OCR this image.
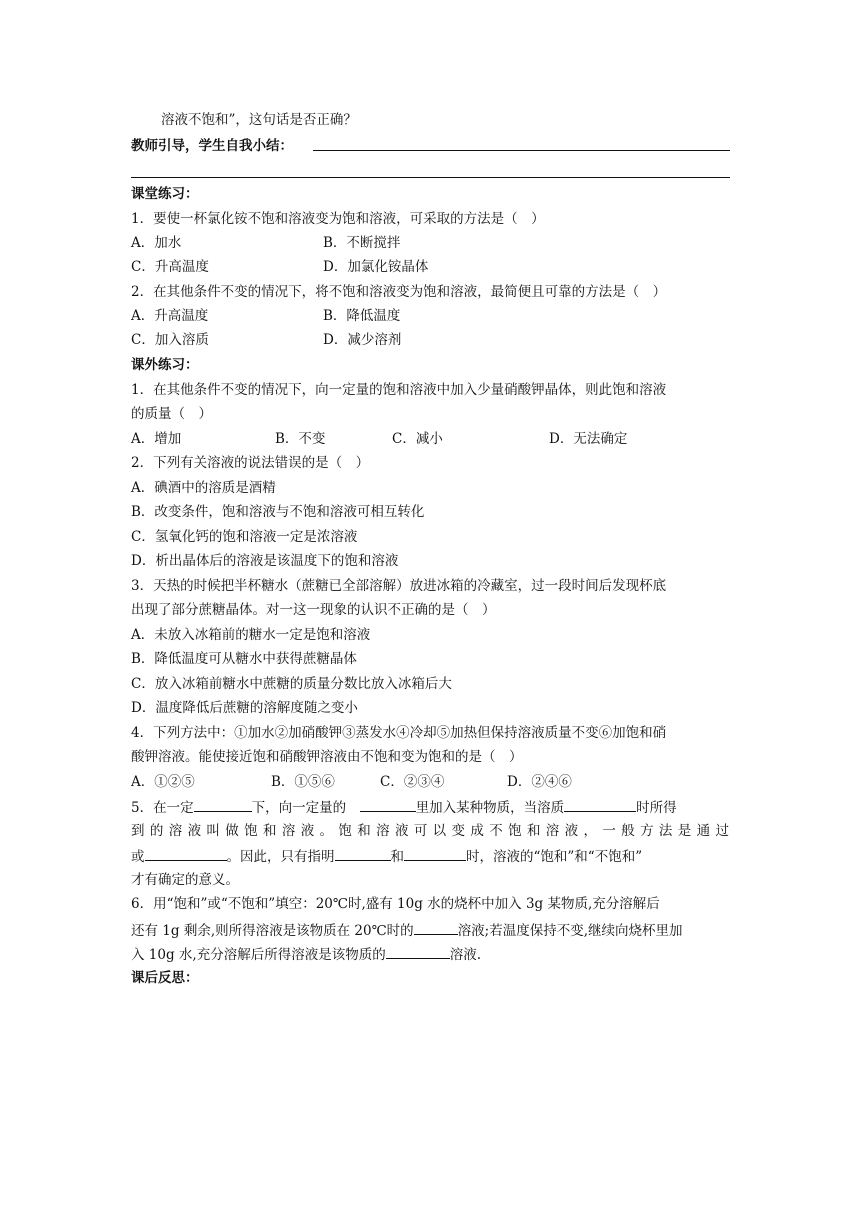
溶液不饱和”，这句话是否正确？
教师引导，学生自我小结：
课堂练习：
1．要使一杯氯化铵不饱和溶液变为饱和溶液，可采取的方法是（　）
A．加水	B．不断搅拌
C．升高温度	D．加氯化铵晶体
2．在其他条件不变的情况下，将不饱和溶液变为饱和溶液，最简便且可靠的方法是（　）
A．升高温度	B．降低温度
C．加入溶质	D．减少溶剂
课外练习：
1．在其他条件不变的情况下，向一定量的饱和溶液中加入少量硝酸钾晶体，则此饱和溶液
的质量（　）
A．增加	B．不变	C．减小	D．无法确定
2．下列有关溶液的说法错误的是（　）
A．碘酒中的溶质是酒精
B．改变条件，饱和溶液与不饱和溶液可相互转化
C．氢氧化钙的饱和溶液一定是浓溶液
D．析出晶体后的溶液是该温度下的饱和溶液
3．天热的时候把半杯糖水（蔗糖已全部溶解）放进冰箱的冷藏室，过一段时间后发现杯底
出现了部分蔗糖晶体。对一这一现象的认识不正确的是（　）
A．未放入冰箱前的糖水一定是饱和溶液
B．降低温度可从糖水中获得蔗糖晶体
C．放入冰箱前糖水中蔗糖的质量分数比放入冰箱后大
D．温度降低后蔗糖的溶解度随之变小
4．下列方法中：①加水②加硝酸钾③蒸发水④冷却⑤加热但保持溶液质量不变⑥加饱和硝
酸钾溶液。能使接近饱和硝酸钾溶液由不饱和变为饱和的是（　）
A．①②⑤	B．①⑤⑥	C．②③④	D．②④⑥
5．在一定	下，向一定量的　	里加入某种物质，当溶质	时所得
到的溶液叫做饱和溶液。饱和溶液可以变成不饱和溶液，一般方法是通过
或	。因此，只有指明	和	时，溶液的“饱和”和“不饱和”
才有确定的意义。
6．用“饱和”或“不饱和”填空：20℃时,盛有 10g 水的烧杯中加入 3g 某物质,充分溶解后
还有 1g 剩余,则所得溶液是该物质在 20℃时的	溶液;若温度保持不变,继续向烧杯里加
入 10g 水,充分溶解后所得溶液是该物质的	溶液.
课后反思：
